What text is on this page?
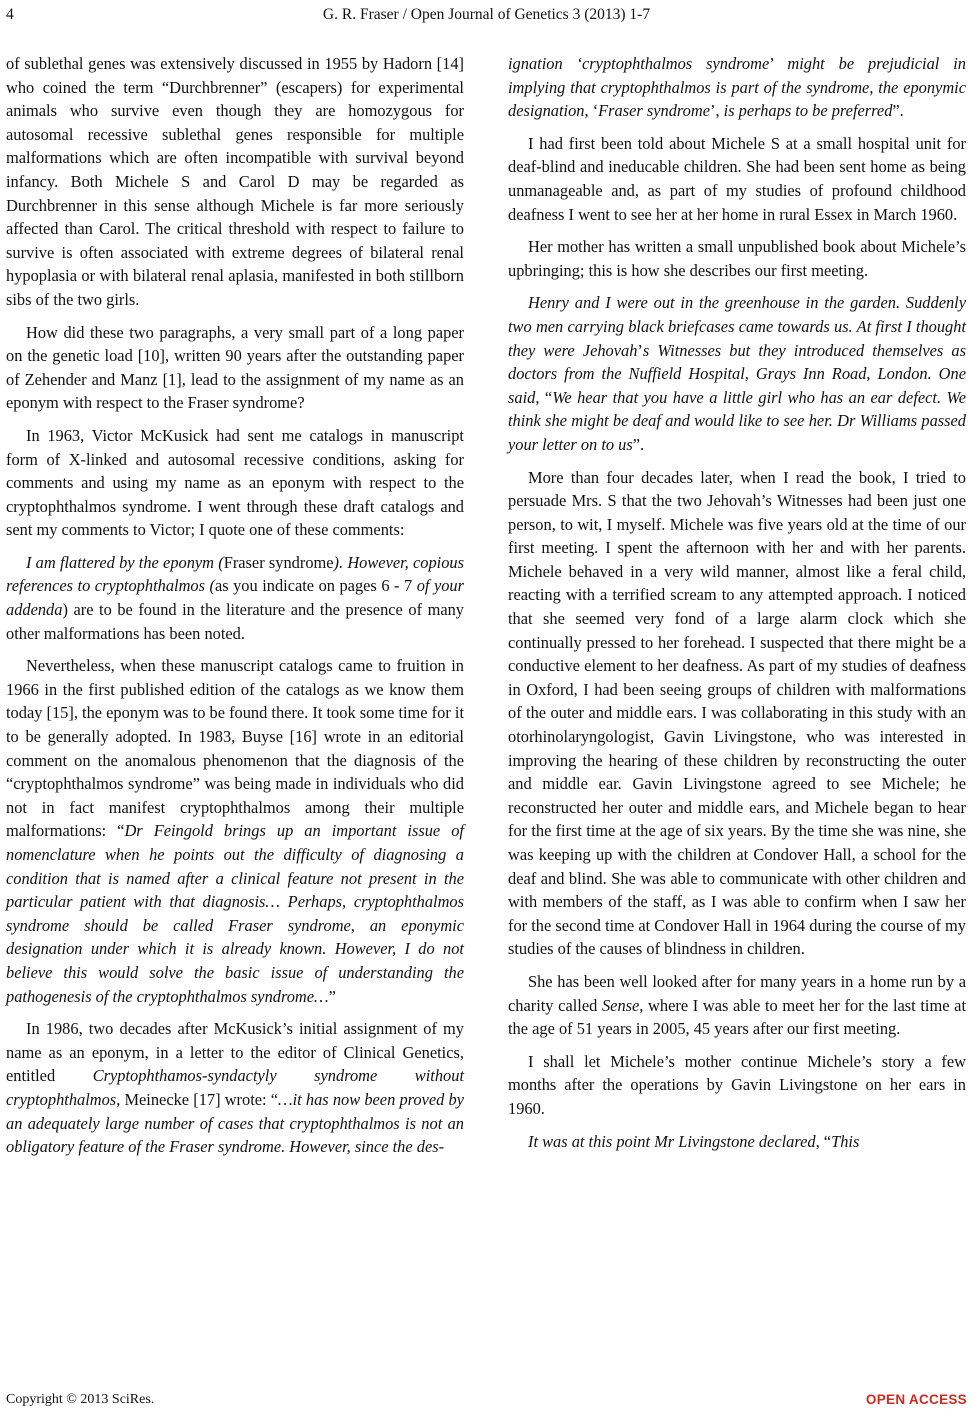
4	G. R. Fraser / Open Journal of Genetics 3 (2013) 1-7

of sublethal genes was extensively discussed in 1955 by Hadorn [14] who coined the term “Durchbrenner” (escapers) for experimental animals who survive even though they are homozygous for autosomal recessive sublethal genes responsible for multiple malformations which are often incompatible with survival beyond infancy. Both Michele S and Carol D may be regarded as Durchbrenner in this sense although Michele is far more seriously affected than Carol. The critical threshold with respect to failure to survive is often associated with extreme degrees of bilateral renal hypoplasia or with bilateral renal aplasia, manifested in both stillborn sibs of the two girls.

How did these two paragraphs, a very small part of a long paper on the genetic load [10], written 90 years after the outstanding paper of Zehender and Manz [1], lead to the assignment of my name as an eponym with respect to the Fraser syndrome?

In 1963, Victor McKusick had sent me catalogs in manuscript form of X-linked and autosomal recessive conditions, asking for comments and using my name as an eponym with respect to the cryptophthalmos syndrome. I went through these draft catalogs and sent my comments to Victor; I quote one of these comments:

I am flattered by the eponym (Fraser syndrome). However, copious references to cryptophthalmos (as you indicate on pages 6 - 7 of your addenda) are to be found in the literature and the presence of many other malformations has been noted.

Nevertheless, when these manuscript catalogs came to fruition in 1966 in the first published edition of the catalogs as we know them today [15], the eponym was to be found there. It took some time for it to be generally adopted. In 1983, Buyse [16] wrote in an editorial comment on the anomalous phenomenon that the diagnosis of the “cryptophthalmos syndrome” was being made in individuals who did not in fact manifest cryptophthalmos among their multiple malformations: “Dr Feingold brings up an important issue of nomenclature when he points out the difficulty of diagnosing a condition that is named after a clinical feature not present in the particular patient with that diagnosis… Perhaps, cryptophthalmos syndrome should be called Fraser syndrome, an eponymic designation under which it is already known. However, I do not believe this would solve the basic issue of understanding the pathogenesis of the cryptophthalmos syndrome…”

In 1986, two decades after McKusick’s initial assignment of my name as an eponym, in a letter to the editor of Clinical Genetics, entitled Cryptophthamos-syndactyly syndrome without cryptophthalmos, Meinecke [17] wrote: “…it has now been proved by an adequately large number of cases that cryptophthalmos is not an obligatory feature of the Fraser syndrome. However, since the des-

ignation ‘cryptophthalmos syndrome’ might be prejudicial in implying that cryptophthalmos is part of the syndrome, the eponymic designation, ‘Fraser syndrome’, is perhaps to be preferred”.

I had first been told about Michele S at a small hospital unit for deaf-blind and ineducable children. She had been sent home as being unmanageable and, as part of my studies of profound childhood deafness I went to see her at her home in rural Essex in March 1960.

Her mother has written a small unpublished book about Michele’s upbringing; this is how she describes our first meeting.

Henry and I were out in the greenhouse in the garden. Suddenly two men carrying black briefcases came towards us. At first I thought they were Jehovah’s Witnesses but they introduced themselves as doctors from the Nuffield Hospital, Grays Inn Road, London. One said, “We hear that you have a little girl who has an ear defect. We think she might be deaf and would like to see her. Dr Williams passed your letter on to us”.

More than four decades later, when I read the book, I tried to persuade Mrs. S that the two Jehovah’s Witnesses had been just one person, to wit, I myself. Michele was five years old at the time of our first meeting. I spent the afternoon with her and with her parents. Michele behaved in a very wild manner, almost like a feral child, reacting with a terrified scream to any attempted approach. I noticed that she seemed very fond of a large alarm clock which she continually pressed to her forehead. I suspected that there might be a conductive element to her deafness. As part of my studies of deafness in Oxford, I had been seeing groups of children with malformations of the outer and middle ears. I was collaborating in this study with an otorhinolaryngologist, Gavin Livingstone, who was interested in improving the hearing of these children by reconstructing the outer and middle ear. Gavin Livingstone agreed to see Michele; he reconstructed her outer and middle ears, and Michele began to hear for the first time at the age of six years. By the time she was nine, she was keeping up with the children at Condover Hall, a school for the deaf and blind. She was able to communicate with other children and with members of the staff, as I was able to confirm when I saw her for the second time at Condover Hall in 1964 during the course of my studies of the causes of blindness in children.

She has been well looked after for many years in a home run by a charity called Sense, where I was able to meet her for the last time at the age of 51 years in 2005, 45 years after our first meeting.

I shall let Michele’s mother continue Michele’s story a few months after the operations by Gavin Livingstone on her ears in 1960.

It was at this point Mr Livingstone declared, “This

Copyright © 2013 SciRes.	OPEN ACCESS
